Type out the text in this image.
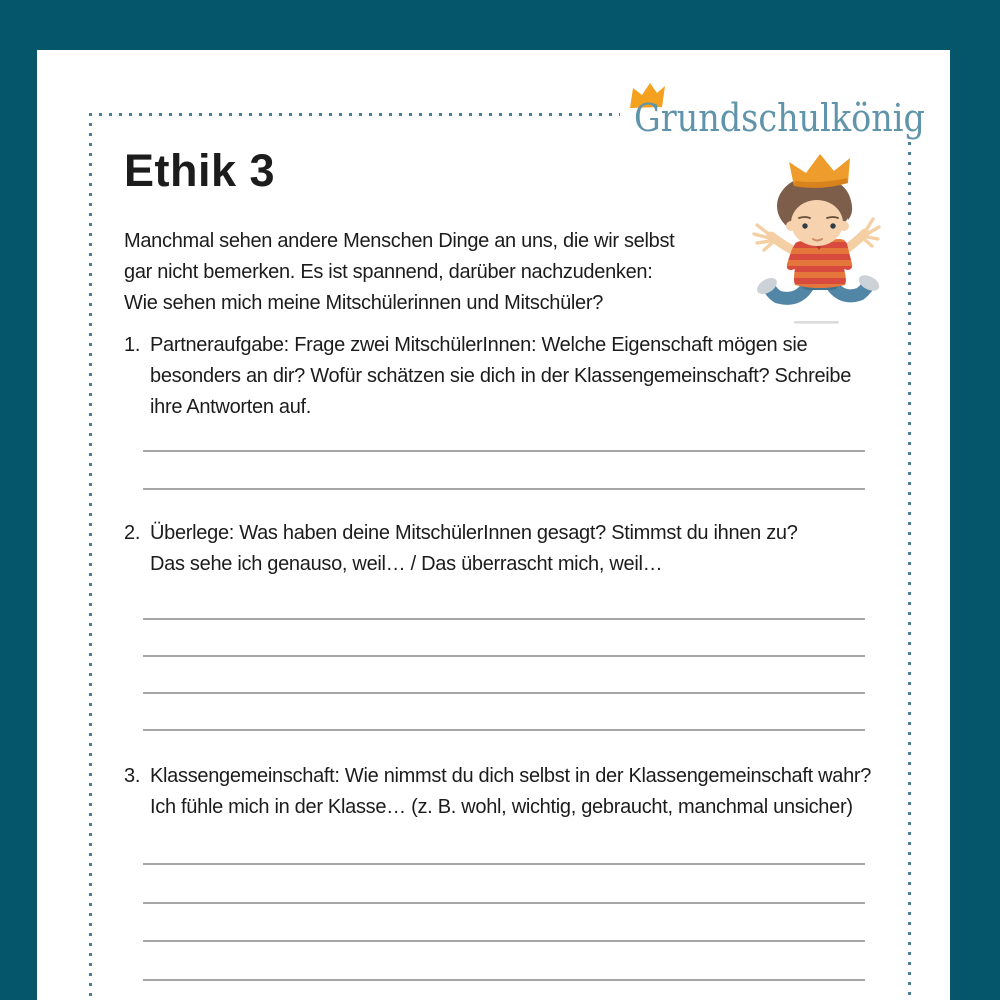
Grundschulkönig
Ethik 3
Manchmal sehen andere Menschen Dinge an uns, die wir selbst
gar nicht bemerken. Es ist spannend, darüber nachzudenken:
Wie sehen mich meine Mitschülerinnen und Mitschüler?
1. Partneraufgabe: Frage zwei MitschülerInnen: Welche Eigenschaft mögen sie
besonders an dir? Wofür schätzen sie dich in der Klassengemeinschaft? Schreibe
ihre Antworten auf.
2. Überlege: Was haben deine MitschülerInnen gesagt? Stimmst du ihnen zu?
Das sehe ich genauso, weil… / Das überrascht mich, weil…
3. Klassengemeinschaft: Wie nimmst du dich selbst in der Klassengemeinschaft wahr?
Ich fühle mich in der Klasse… (z. B. wohl, wichtig, gebraucht, manchmal unsicher)
